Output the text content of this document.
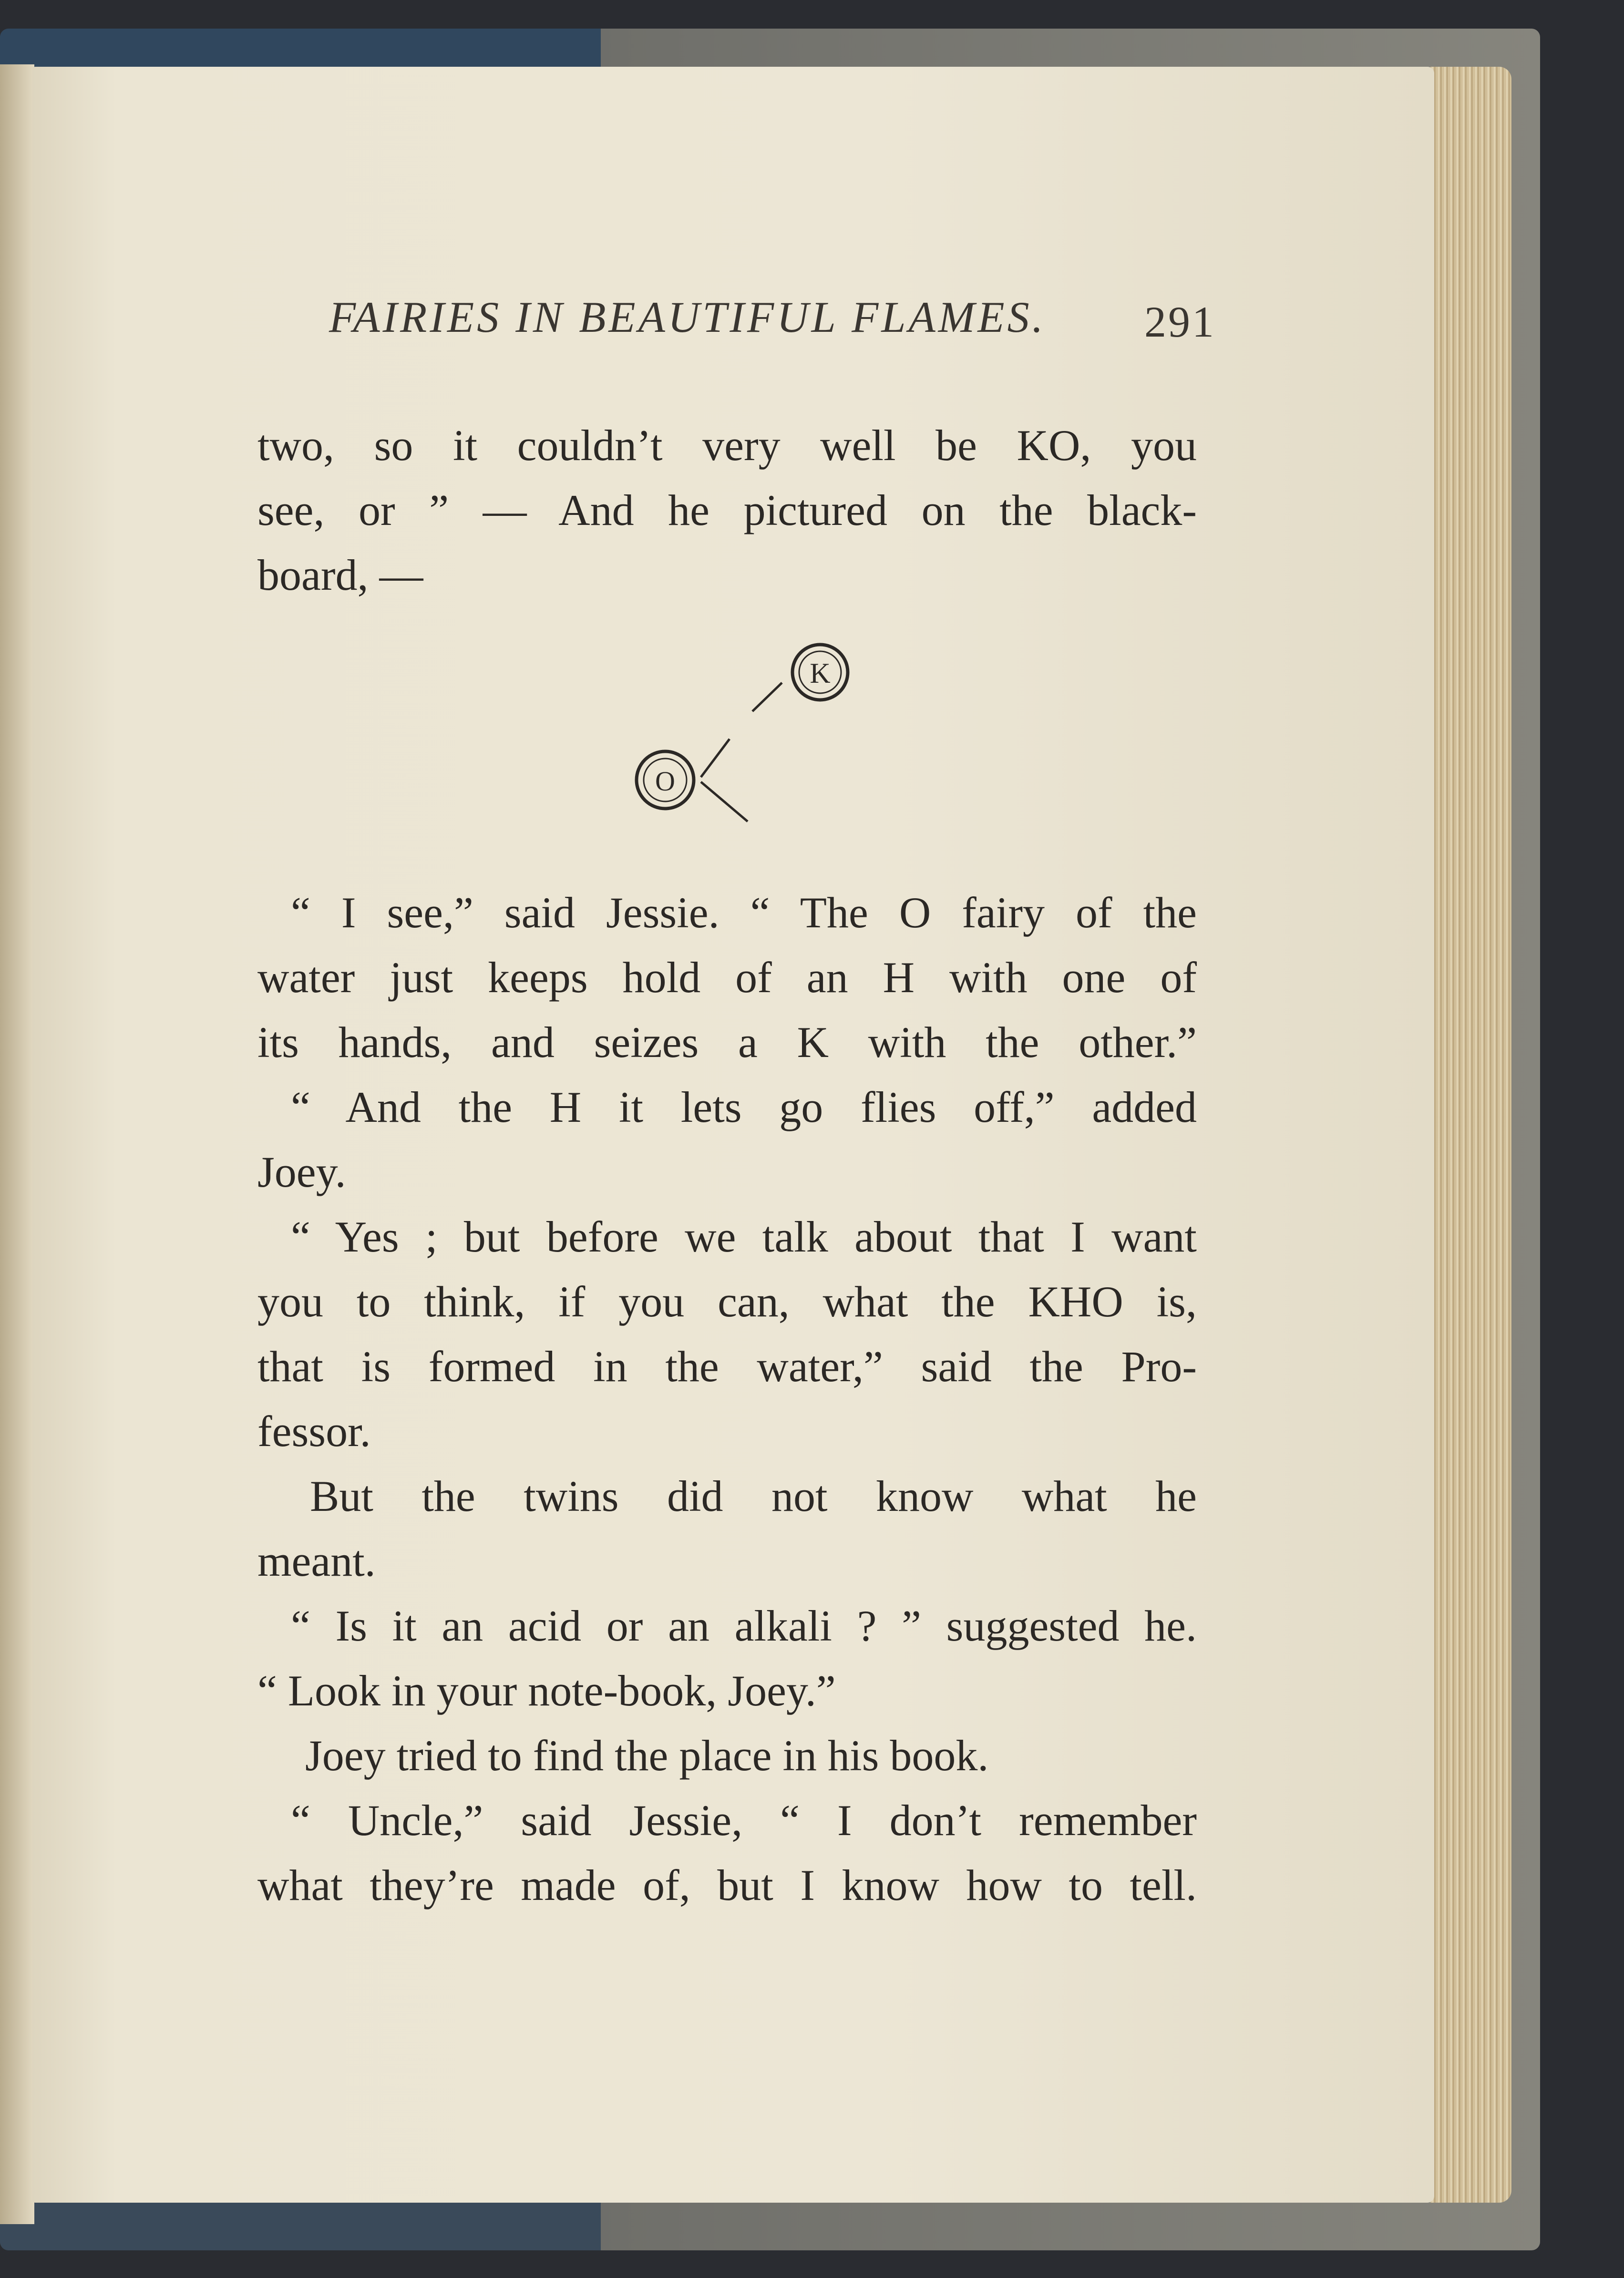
FAIRIES IN BEAUTIFUL FLAMES. 291
two, so it couldn’t very well be KO, you
see, or ” — And he pictured on the black-
board, —
K
O
“ I see,” said Jessie. “ The O fairy of the
water just keeps hold of an H with one of
its hands, and seizes a K with the other.”
“ And the H it lets go flies off,” added
Joey.
“ Yes ; but before we talk about that I want
you to think, if you can, what the KHO is,
that is formed in the water,” said the Pro-
fessor.
But the twins did not know what he
meant.
“ Is it an acid or an alkali ? ” suggested he.
“ Look in your note-book, Joey.”
Joey tried to find the place in his book.
“ Uncle,” said Jessie, “ I don’t remember
what they’re made of, but I know how to tell.
